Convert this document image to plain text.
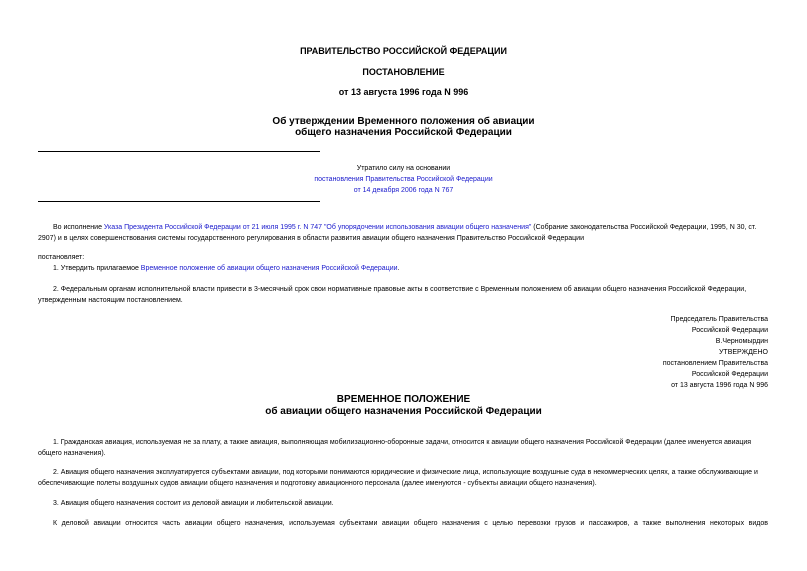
ПРАВИТЕЛЬСТВО РОССИЙСКОЙ ФЕДЕРАЦИИ
ПОСТАНОВЛЕНИЕ
от 13 августа 1996 года N 996
Об утверждении Временного положения об авиации
общего назначения Российской Федерации
Утратило силу на основании
постановления Правительства Российской Федерации
от 14 декабря 2006 года N 767
Во исполнение Указа Президента Российской Федерации от 21 июля 1995 г. N 747 "Об упорядочении использования авиации общего назначения" (Собрание законодательства Российской Федерации, 1995, N 30, ст. 2907) и в целях совершенствования системы государственного регулирования в области развития авиации общего назначения Правительство Российской Федерации
постановляет:
1. Утвердить прилагаемое Временное положение об авиации общего назначения Российской Федерации.
2. Федеральным органам исполнительной власти привести в 3-месячный срок свои нормативные правовые акты в соответствие с Временным положением об авиации общего назначения Российской Федерации, утвержденным настоящим постановлением.
Председатель Правительства
Российской Федерации
В.Черномырдин
УТВЕРЖДЕНО
постановлением Правительства
Российской Федерации
от 13 августа 1996 года N 996
ВРЕМЕННОЕ ПОЛОЖЕНИЕ
об авиации общего назначения Российской Федерации
1. Гражданская авиация, используемая не за плату, а также авиация, выполняющая мобилизационно-оборонные задачи, относится к авиации общего назначения Российской Федерации (далее именуется авиация общего назначения).
2. Авиация общего назначения эксплуатируется субъектами авиации, под которыми понимаются юридические и физические лица, использующие воздушные суда в некоммерческих целях, а также обслуживающие и обеспечивающие полеты воздушных судов авиации общего назначения и подготовку авиационного персонала (далее именуются - субъекты авиации общего назначения).
3. Авиация общего назначения состоит из деловой авиации и любительской авиации.
К деловой авиации относится часть авиации общего назначения, используемая субъектами авиации общего назначения с целью перевозки грузов и пассажиров, а также выполнения некоторых видов
